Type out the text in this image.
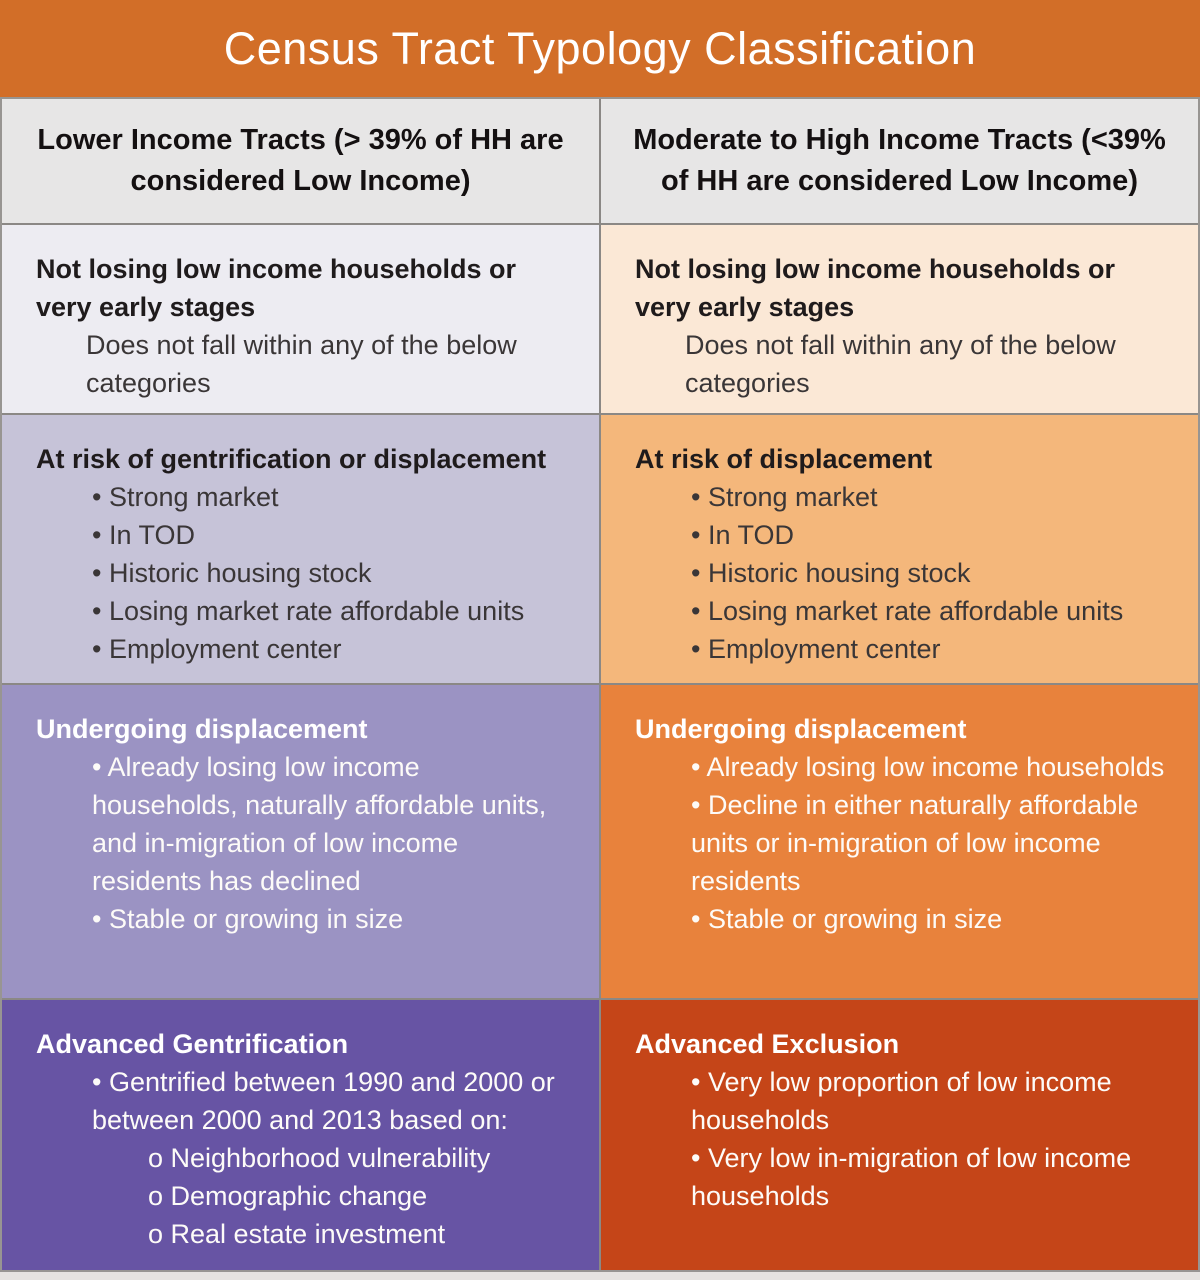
Census Tract Typology Classification
Lower Income Tracts (> 39% of HH are considered Low Income)
Moderate to High Income Tracts (<39% of HH are considered Low Income)
Not losing low income households or very early stages
Does not fall within any of the below categories
Not losing low income households or very early stages
Does not fall within any of the below categories
At risk of gentrification or displacement
• Strong market
• In TOD
• Historic housing stock
• Losing market rate affordable units
• Employment center
At risk of displacement
• Strong market
• In TOD
• Historic housing stock
• Losing market rate affordable units
• Employment center
Undergoing displacement
• Already losing low income households, naturally affordable units, and in-migration of low income residents has declined
• Stable or growing in size
Undergoing displacement
• Already losing low income households
• Decline in either naturally affordable units or in-migration of low income residents
• Stable or growing in size
Advanced Gentrification
• Gentrified between 1990 and 2000 or between 2000 and 2013 based on:
o Neighborhood vulnerability
o Demographic change
o Real estate investment
Advanced Exclusion
• Very low proportion of low income households
• Very low in-migration of low income households
